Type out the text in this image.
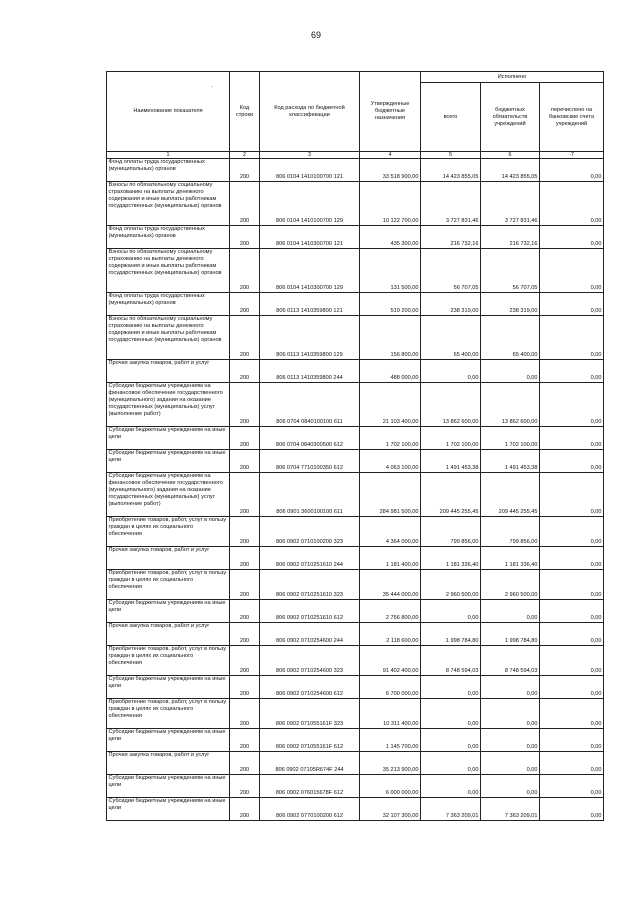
69
.
Наименование показателя	Код строки	Код расхода по бюджетной классификации	Утвержденные бюджетные назначения	Исполнено		
				всего	бюджетных обязательств учреждений	перечислено на банковские счета учреждений
1	2	3	4	5	6	·7
Фонд оплаты труда государственных (муниципальных) органов	200	806 0104 1410100700 121	33 518 900,00	14 423 855,05	14 423 855,05	0,00
Взносы по обязательному социальному страхованию на выплаты денежного содержания и иные выплаты работникам государственных (муниципальных) органов	200	806 0104 1410100700 129	10 122 700,00	3 727 831,46	3 727 831,46	0,00
Фонд оплаты труда государственных (муниципальных) органов	200	806 0104 1410300700 121	435 300,00	216 732,16	216 732,16	0,00
Взносы по обязательному социальному страхованию на выплаты денежного содержания и иные выплаты работникам государственных (муниципальных) органов	200	806 0104 1410300700 129	131 500,00	56 707,05	56 707,05	0,00
Фонд оплаты труда государственных (муниципальных) органов	200	806 0113 1410359800 121	519 200,00	238 319,00	238 319,00	0,00
Взносы по обязательному социальному страхованию на выплаты денежного содержания и иные выплаты работникам государственных (муниципальных) органов	200	806 0113 1410359800 129	156 800,00	65 400,00	65 400,00	0,00
Прочая закупка товаров, работ и услуг	200	806 0113 1410359800 244	488 000,00	0,00	0,00	0,00
Субсидии бюджетным учреждениям на финансовое обеспечение государственного (муниципального) задания на оказание государственных (муниципальных) услуг (выполнение работ)	200	806 0704 0840100100 611	21 103 400,00	13 862 600,00	13 862 600,00	0,00
Субсидии бюджетным учреждениям на иные цели	200	806 0704 0840300500 612	1 702 100,00	1 702 100,00	1 702 100,00	0,00
Субсидии бюджетным учреждениям на иные цели	200	806 0704 7710100350 612	4 063 100,00	1 491 453,38	1 491 453,38	0,00
Субсидии бюджетным учреждениям на финансовое обеспечение государственного (муниципального) задания на оказание государственных (муниципальных) услуг (выполнение работ)	200	806 0901 3600100100 611	284 981 500,00	209 445 255,45	209 445 255,45	0,00
Приобретение товаров, работ, услуг в пользу граждан в целях их социального обеспечения	200	806 0902 0710100200 323	4 364 000,00	799 856,00	799 856,00	0,00
Прочая закупка товаров, работ и услуг	200	806 0902 0710251610 244	1 181 400,00	1 181 336,40	1 181 336,40	0,00
Приобретение товаров, работ, услуг в пользу граждан в целях их социального обеспечения	200	806 0902 0710251610 323	35 444 000,00	2 960 500,00	2 960 500,00	0,00
Субсидии бюджетным учреждениям на иные цели	200	806 0902 0710251610 612	2 756 800,00	0,00	0,00	0,00
Прочая закупка товаров, работ и услуг	200	806 0902 0710254600 244	2 118 600,00	1 998 784,80	1 998 784,80	0,00
Приобретение товаров, работ, услуг в пользу граждан в целях их социального обеспечения	200	806 0902 0710254600 323	91 402 400,00	8 748 594,03	8 748 594,03	0,00
Субсидии бюджетным учреждениям на иные цели	200	806 0902 0710254600 612	6 700 000,00	0,00	0,00	0,00
Приобретение товаров, работ, услуг в пользу граждан в целях их социального обеспечения	200	806 0902 071055161F 323	10 311 400,00	0,00	0,00	0,00
Субсидии бюджетным учреждениям на иные цели	200	806 0902 071055161F 612	1 145 700,00	0,00	0,00	0,00
Прочая закупка товаров, работ и услуг	200	806 0902 07105R674F 244	35 213 900,00	0,00	0,00	0,00
Субсидии бюджетным учреждениям на иные цели	200	806 0902 076015678F 612	6 000 000,00	0,00	0,00	0,00
Субсидии бюджетным учреждениям на иные цели	200	806 0902 0770100200 612	32 107 300,00	7 363 209,01	7 363 209,01	0,00
